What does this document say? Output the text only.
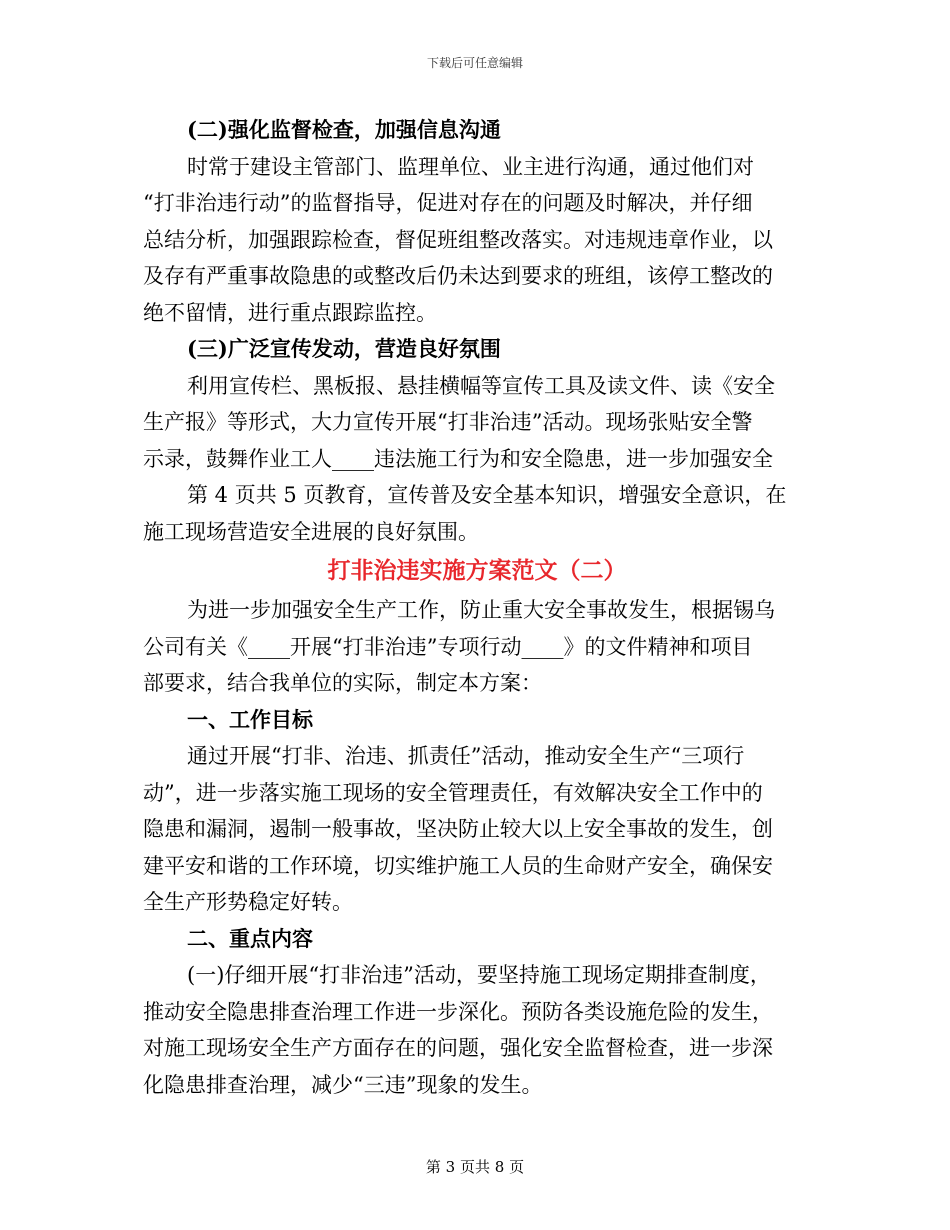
下载后可任意编辑
(二)强化监督检查，加强信息沟通
时常于建设主管部门、监理单位、业主进行沟通，通过他们对
“打非治违行动”的监督指导，促进对存在的问题及时解决，并仔细
总结分析，加强跟踪检查，督促班组整改落实。对违规违章作业，以
及存有严重事故隐患的或整改后仍未达到要求的班组，该停工整改的
绝不留情，进行重点跟踪监控。
(三)广泛宣传发动，营造良好氛围
利用宣传栏、黑板报、悬挂横幅等宣传工具及读文件、读《安全
生产报》等形式，大力宣传开展“打非治违”活动。现场张贴安全警
示录，鼓舞作业工人____违法施工行为和安全隐患，进一步加强安全
第 4 页共 5 页教育，宣传普及安全基本知识，增强安全意识，在
施工现场营造安全进展的良好氛围。
打非治违实施方案范文（二）
为进一步加强安全生产工作，防止重大安全事故发生，根据锡乌
公司有关《____开展“打非治违”专项行动____》的文件精神和项目
部要求，结合我单位的实际，制定本方案：
一、工作目标
通过开展“打非、治违、抓责任”活动，推动安全生产“三项行
动”，进一步落实施工现场的安全管理责任，有效解决安全工作中的
隐患和漏洞，遏制一般事故，坚决防止较大以上安全事故的发生，创
建平安和谐的工作环境，切实维护施工人员的生命财产安全，确保安
全生产形势稳定好转。
二、重点内容
(一)仔细开展“打非治违”活动，要坚持施工现场定期排查制度，
推动安全隐患排查治理工作进一步深化。预防各类设施危险的发生，
对施工现场安全生产方面存在的问题，强化安全监督检查，进一步深
化隐患排查治理，减少“三违”现象的发生。
第 3 页共 8 页
